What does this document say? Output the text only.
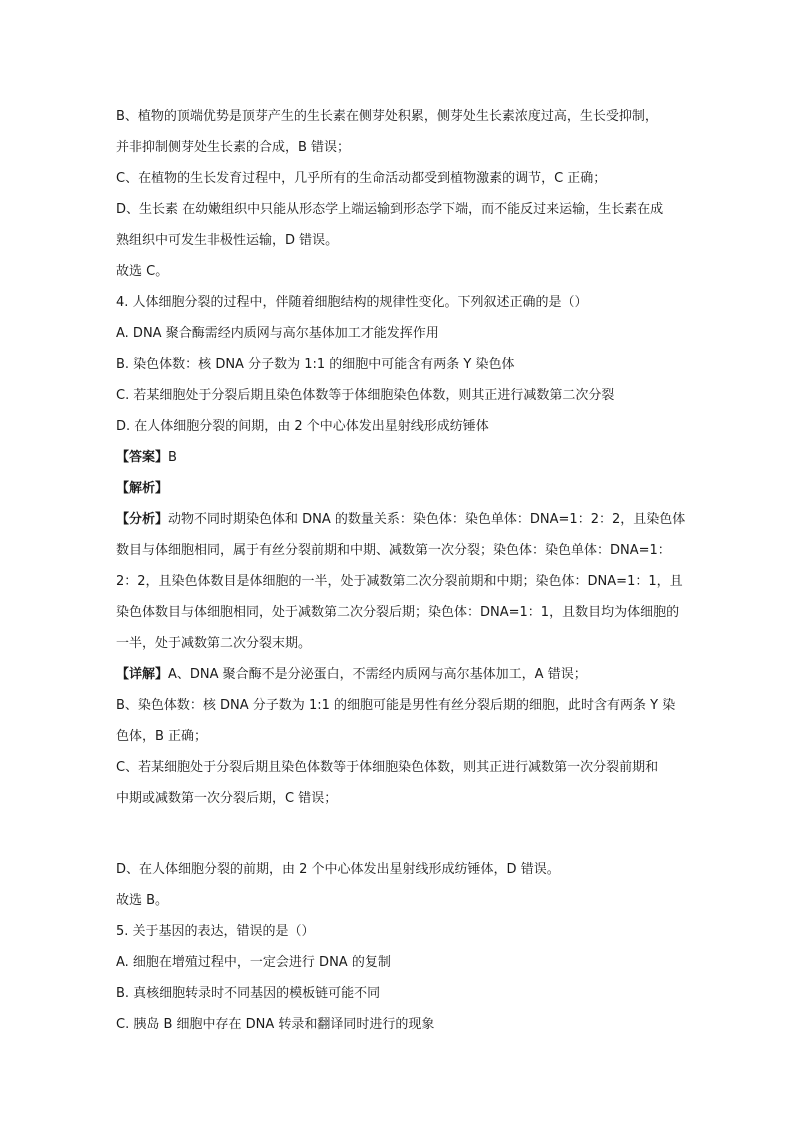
B、植物的顶端优势是顶芽产生的生长素在侧芽处积累，侧芽处生长素浓度过高，生长受抑制，
并非抑制侧芽处生长素的合成，B 错误；
C、在植物的生长发育过程中，几乎所有的生命活动都受到植物激素的调节，C 正确；
D、生长素 在幼嫩组织中只能从形态学上端运输到形态学下端，而不能反过来运输，生长素在成
熟组织中可发生非极性运输，D 错误。
故选 C。
4. 人体细胞分裂的过程中，伴随着细胞结构的规律性变化。下列叙述正确的是（）
A. DNA 聚合酶需经内质网与高尔基体加工才能发挥作用
B. 染色体数：核 DNA 分子数为 1:1 的细胞中可能含有两条 Y 染色体
C. 若某细胞处于分裂后期且染色体数等于体细胞染色体数，则其正进行减数第二次分裂
D. 在人体细胞分裂的间期，由 2 个中心体发出星射线形成纺锤体
【答案】B
【解析】
【分析】动物不同时期染色体和 DNA 的数量关系：染色体：染色单体：DNA=1：2：2，且染色体
数目与体细胞相同，属于有丝分裂前期和中期、减数第一次分裂；染色体：染色单体：DNA=1：
2：2，且染色体数目是体细胞的一半，处于减数第二次分裂前期和中期；染色体：DNA=1：1，且
染色体数目与体细胞相同，处于减数第二次分裂后期；染色体：DNA=1：1，且数目均为体细胞的
一半，处于减数第二次分裂末期。
【详解】A、DNA 聚合酶不是分泌蛋白，不需经内质网与高尔基体加工，A 错误；
B、染色体数：核 DNA 分子数为 1:1 的细胞可能是男性有丝分裂后期的细胞，此时含有两条 Y 染
色体，B 正确；
C、若某细胞处于分裂后期且染色体数等于体细胞染色体数，则其正进行减数第一次分裂前期和
中期或减数第一次分裂后期，C 错误；
D、在人体细胞分裂的前期，由 2 个中心体发出星射线形成纺锤体，D 错误。
故选 B。
5. 关于基因的表达，错误的是（）
A. 细胞在增殖过程中，一定会进行 DNA 的复制
B. 真核细胞转录时不同基因的模板链可能不同
C. 胰岛 B 细胞中存在 DNA 转录和翻译同时进行的现象
